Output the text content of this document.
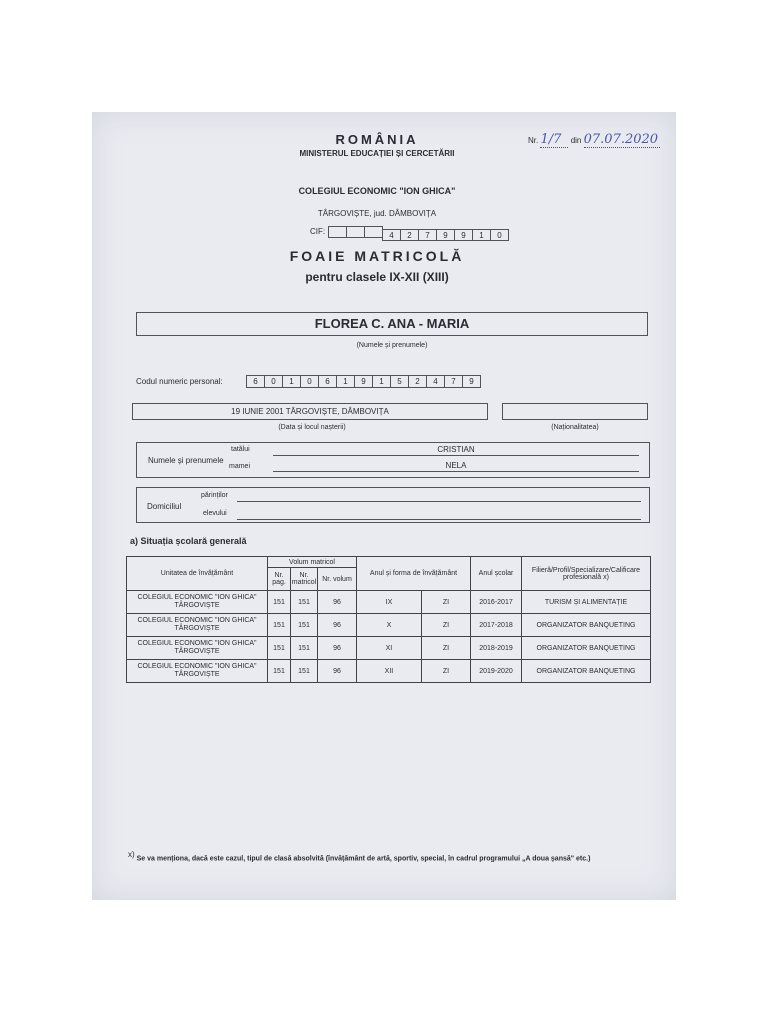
Nr. 1/7 din 07.07.2020
ROMÂNIA
MINISTERUL EDUCAȚIEI ȘI CERCETĂRII
COLEGIUL ECONOMIC "ION GHICA"
TÂRGOVIȘTE, jud. DÂMBOVIȚA
CIF:	4 2 7 9 9 1 0
FOAIE MATRICOLĂ
pentru clasele IX-XII (XIII)
FLOREA C. ANA - MARIA
(Numele și prenumele)
Codul numeric personal:	6 0 1 0 6 1 9 1 5 2 4 7 9
19 IUNIE 2001 TÂRGOVIȘTE, DÂMBOVIȚA
(Data și locul nașterii)	(Naționalitatea)
Numele și prenumele
tatălui	CRISTIAN
mamei	NELA
Domiciliul
părinților
elevului
a) Situația școlară generală
Unitatea de învățământ	Volum matricol			Anul și forma de învățământ		Anul școlar	Filieră/Profil/Specializare/Calificare profesională x)
	Nr. pag.	Nr. matricol	Nr. volum				

COLEGIUL ECONOMIC "ION GHICA"
TÂRGOVIȘTE	151	151	96	IX	ZI	2016-2017	TURISM ȘI ALIMENTAȚIE

COLEGIUL ECONOMIC "ION GHICA"
TÂRGOVIȘTE	151	151	96	X	ZI	2017-2018	ORGANIZATOR BANQUETING

COLEGIUL ECONOMIC "ION GHICA"
TÂRGOVIȘTE	151	151	96	XI	ZI	2018-2019	ORGANIZATOR BANQUETING

COLEGIUL ECONOMIC "ION GHICA"
TÂRGOVIȘTE	151	151	96	XII	ZI	2019-2020	ORGANIZATOR BANQUETING
x) Se va menționa, dacă este cazul, tipul de clasă absolvită (învățământ de artă, sportiv, special, în cadrul programului „A doua șansă" etc.)
